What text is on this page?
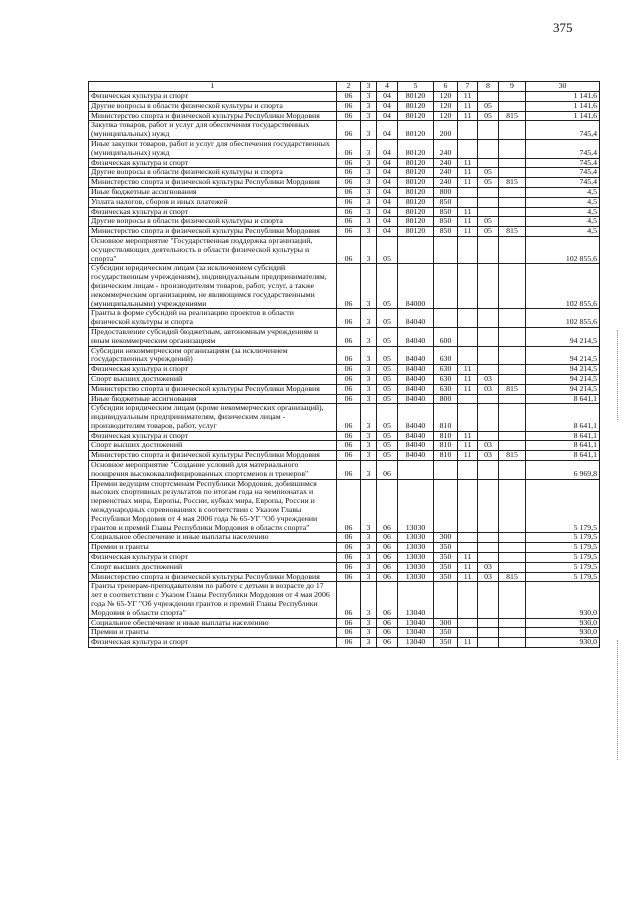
375
1	2	3	4	5	6	7	8	9	30
Физическая культура и спорт	06	3	04	80120	120	11			1 141,6
Другие вопросы в области физической культуры и спорта	06	3	04	80120	120	11	05		1 141,6
Министерство спорта и физической культуры Республики Мордовия	06	3	04	80120	120	11	05	815	1 141,6
Закупка товаров, работ и услуг для обеспечения государственных (муниципальных) нужд	06	3	04	80120	200				745,4
Иные закупки товаров, работ и услуг для обеспечения государственных (муниципальных) нужд	06	3	04	80120	240				745,4
Физическая культура и спорт	06	3	04	80120	240	11			745,4
Другие вопросы в области физической культуры и спорта	06	3	04	80120	240	11	05		745,4
Министерство спорта и физической культуры Республики Мордовия	06	3	04	80120	240	11	05	815	745,4
Иные бюджетные ассигнования	06	3	04	80120	800				4,5
Уплата налогов, сборов и иных платежей	06	3	04	80120	850				4,5
Физическая культура и спорт	06	3	04	80120	850	11			4,5
Другие вопросы в области физической культуры и спорта	06	3	04	80120	850	11	05		4,5
Министерство спорта и физической культуры Республики Мордовия	06	3	04	80120	850	11	05	815	4,5
Основное мероприятие "Государственная поддержка организаций, осуществляющих деятельность в области физической культуры и спорта"	06	3	05						102 855,6
Субсидии юридическим лицам (за исключением субсидий государственным учреждениям), индивидуальным предпринимателям, физическим лицам - производителям товаров, работ, услуг, а также некоммерческим организациям, не являющимся государственными (муниципальными) учреждениями	06	3	05	84000					102 855,6
Гранты в форме субсидий на реализацию проектов в области физической культуры и спорта	06	3	05	84040					102 855,6
Предоставление субсидий бюджетным, автономным учреждениям и иным некоммерческим организациям	06	3	05	84040	600				94 214,5
Субсидии некоммерческим организациям (за исключением государственных учреждений)	06	3	05	84040	630				94 214,5
Физическая культура и спорт	06	3	05	84040	630	11			94 214,5
Спорт высших достижений	06	3	05	84040	630	11	03		94 214,5
Министерство спорта и физической культуры Республики Мордовия	06	3	05	84040	630	11	03	815	94 214,5
Иные бюджетные ассигнования	06	3	05	84040	800				8 641,1
Субсидии юридическим лицам (кроме некоммерческих организаций), индивидуальным предпринимателям, физическим лицам - производителям товаров, работ, услуг	06	3	05	84040	810				8 641,1
Физическая культура и спорт	06	3	05	84040	810	11			8 641,1
Спорт высших достижений	06	3	05	84040	810	11	03		8 641,1
Министерство спорта и физической культуры Республики Мордовия	06	3	05	84040	810	11	03	815	8 641,1
Основное мероприятие "Создание условий для материального поощрения высококвалифицированных спортсменов и тренеров"	06	3	06						6 969,8
Премии ведущим спортсменам Республики Мордовия, добившимся высоких спортивных результатов по итогам года на чемпионатах и первенствах мира, Европы, России, кубках мира, Европы, России и международных соревнованиях в соответствии с Указом Главы Республики Мордовия от 4 мая 2006 года № 65-УГ "Об учреждении грантов и премий Главы Республики Мордовия в области спорта"	06	3	06	13030					5 179,5
Социальное обеспечение и иные выплаты населению	06	3	06	13030	300				5 179,5
Премии и гранты	06	3	06	13030	350				5 179,5
Физическая культура и спорт	06	3	06	13030	350	11			5 179,5
Спорт высших достижений	06	3	06	13030	350	11	03		5 179,5
Министерство спорта и физической культуры Республики Мордовия	06	3	06	13030	350	11	03	815	5 179,5
Гранты тренерам-преподавателям по работе с детьми в возрасте до 17 лет в соответствии с Указом Главы Республики Мордовия от 4 мая 2006 года № 65-УГ "Об учреждении грантов и премий Главы Республики Мордовия в области спорта"	06	3	06	13040					930,0
Социальное обеспечение и иные выплаты населению	06	3	06	13040	300				930,0
Премии и гранты	06	3	06	13040	350				930,0
Физическая культура и спорт	06	3	06	13040	350	11			930,0
